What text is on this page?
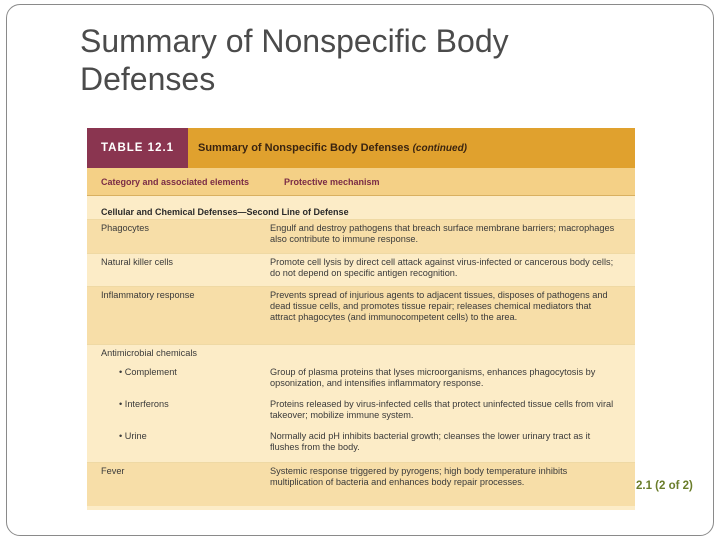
Summary of Nonspecific Body
Defenses
TABLE 12.1	Summary of Nonspecific Body Defenses (continued)
Category and associated elements	Protective mechanism
Cellular and Chemical Defenses—Second Line of Defense
Phagocytes	Engulf and destroy pathogens that breach surface membrane barriers; macrophages also contribute to immune response.
Natural killer cells	Promote cell lysis by direct cell attack against virus-infected or cancerous body cells; do not depend on specific antigen recognition.
Inflammatory response	Prevents spread of injurious agents to adjacent tissues, disposes of pathogens and dead tissue cells, and promotes tissue repair; releases chemical mediators that attract phagocytes (and immunocompetent cells) to the area.
Antimicrobial chemicals
• Complement	Group of plasma proteins that lyses microorganisms, enhances phagocytosis by opsonization, and intensifies inflammatory response.
• Interferons	Proteins released by virus-infected cells that protect uninfected tissue cells from viral takeover; mobilize immune system.
• Urine	Normally acid pH inhibits bacterial growth; cleanses the lower urinary tract as it flushes from the body.
Fever	Systemic response triggered by pyrogens; high body temperature inhibits multiplication of bacteria and enhances body repair processes.	2.1 (2 of 2)
